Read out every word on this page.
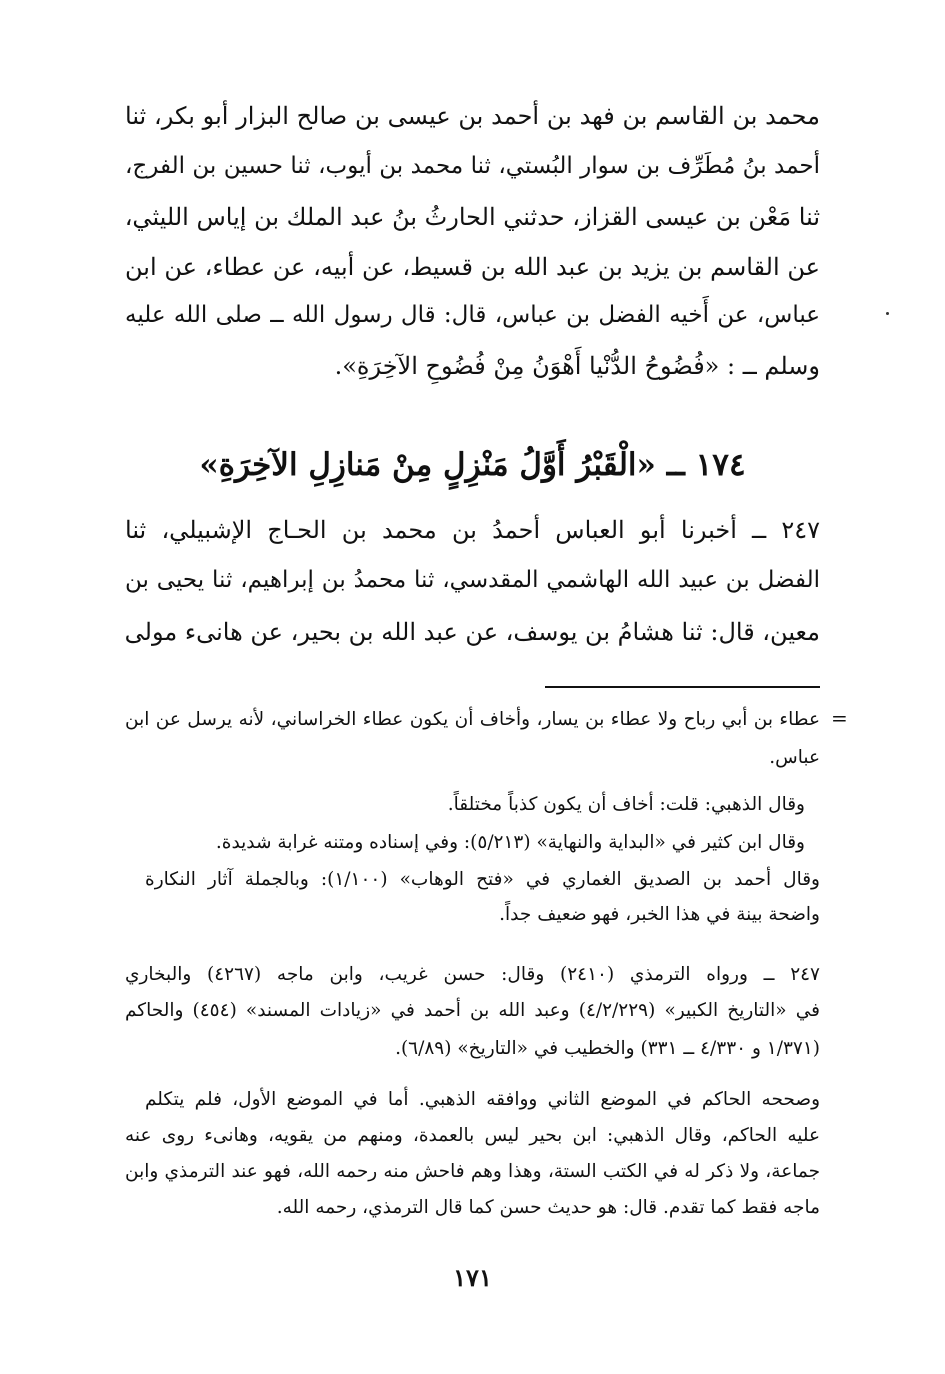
محمد بن القاسم بن فهد بن أحمد بن عيسى بن صالح البزار أبو بكر، ثنا
أحمد بنُ مُطَرِّف بن سوار البُستي، ثنا محمد بن أيوب، ثنا حسين بن الفرج،
ثنا مَعْن بن عيسى القزاز، حدثني الحارثُ بنُ عبد الملك بن إياس الليثي،
عن القاسم بن يزيد بن عبد الله بن قسيط، عن أبيه، عن عطاء، عن ابن
عباس، عن أَخيه الفضل بن عباس، قال: قال رسول الله ــ صلى الله عليه
وسلم ــ : «فُضُوحُ الدُّنْيا أَهْوَنُ مِنْ فُضُوحِ الآخِرَةِ».
١٧٤ ــ «الْقَبْرُ أَوَّلُ مَنْزِلٍ مِنْ مَنازِلِ الآخِرَةِ»
٢٤٧ ــ أخبرنا أبو العباس أحمدُ بن محمد بن الحـاج الإشبيلي، ثنا
الفضل بن عبيد الله الهاشمي المقدسي، ثنا محمدُ بن إبراهيم، ثنا يحيى بن
معين، قال: ثنا هشامُ بن يوسف، عن عبد الله بن بحير، عن هانىء مولى
=
عطاء بن أبي رباح ولا عطاء بن يسار، وأخاف أن يكون عطاء الخراساني، لأنه يرسل عن ابن
عباس.
وقال الذهبي: قلت: أخاف أن يكون كذباً مختلقاً.
وقال ابن كثير في «البداية والنهاية» (٥/٢١٣): وفي إسناده ومتنه غرابة شديدة.
وقال أحمد بن الصديق الغماري في «فتح الوهاب» (١/١٠٠): وبالجملة آثار النكارة
واضحة بينة في هذا الخبر، فهو ضعيف جداً.
٢٤٧ ــ ورواه الترمذي (٢٤١٠) وقال: حسن غريب، وابن ماجه (٤٢٦٧) والبخاري
في «التاريخ الكبير» (٤/٢/٢٢٩) وعبد الله بن أحمد في «زيادات المسند» (٤٥٤) والحاكم
(١/٣٧١ و ٤/٣٣٠ ــ ٣٣١) والخطيب في «التاريخ» (٦/٨٩).
وصححه الحاكم في الموضع الثاني ووافقه الذهبي. أما في الموضع الأول، فلم يتكلم
عليه الحاكم، وقال الذهبي: ابن بحير ليس بالعمدة، ومنهم من يقويه، وهانىء روى عنه
جماعة، ولا ذكر له في الكتب الستة، وهذا وهم فاحش منه رحمه الله، فهو عند الترمذي وابن
ماجه فقط كما تقدم. قال: هو حديث حسن كما قال الترمذي، رحمه الله.
١٧١
